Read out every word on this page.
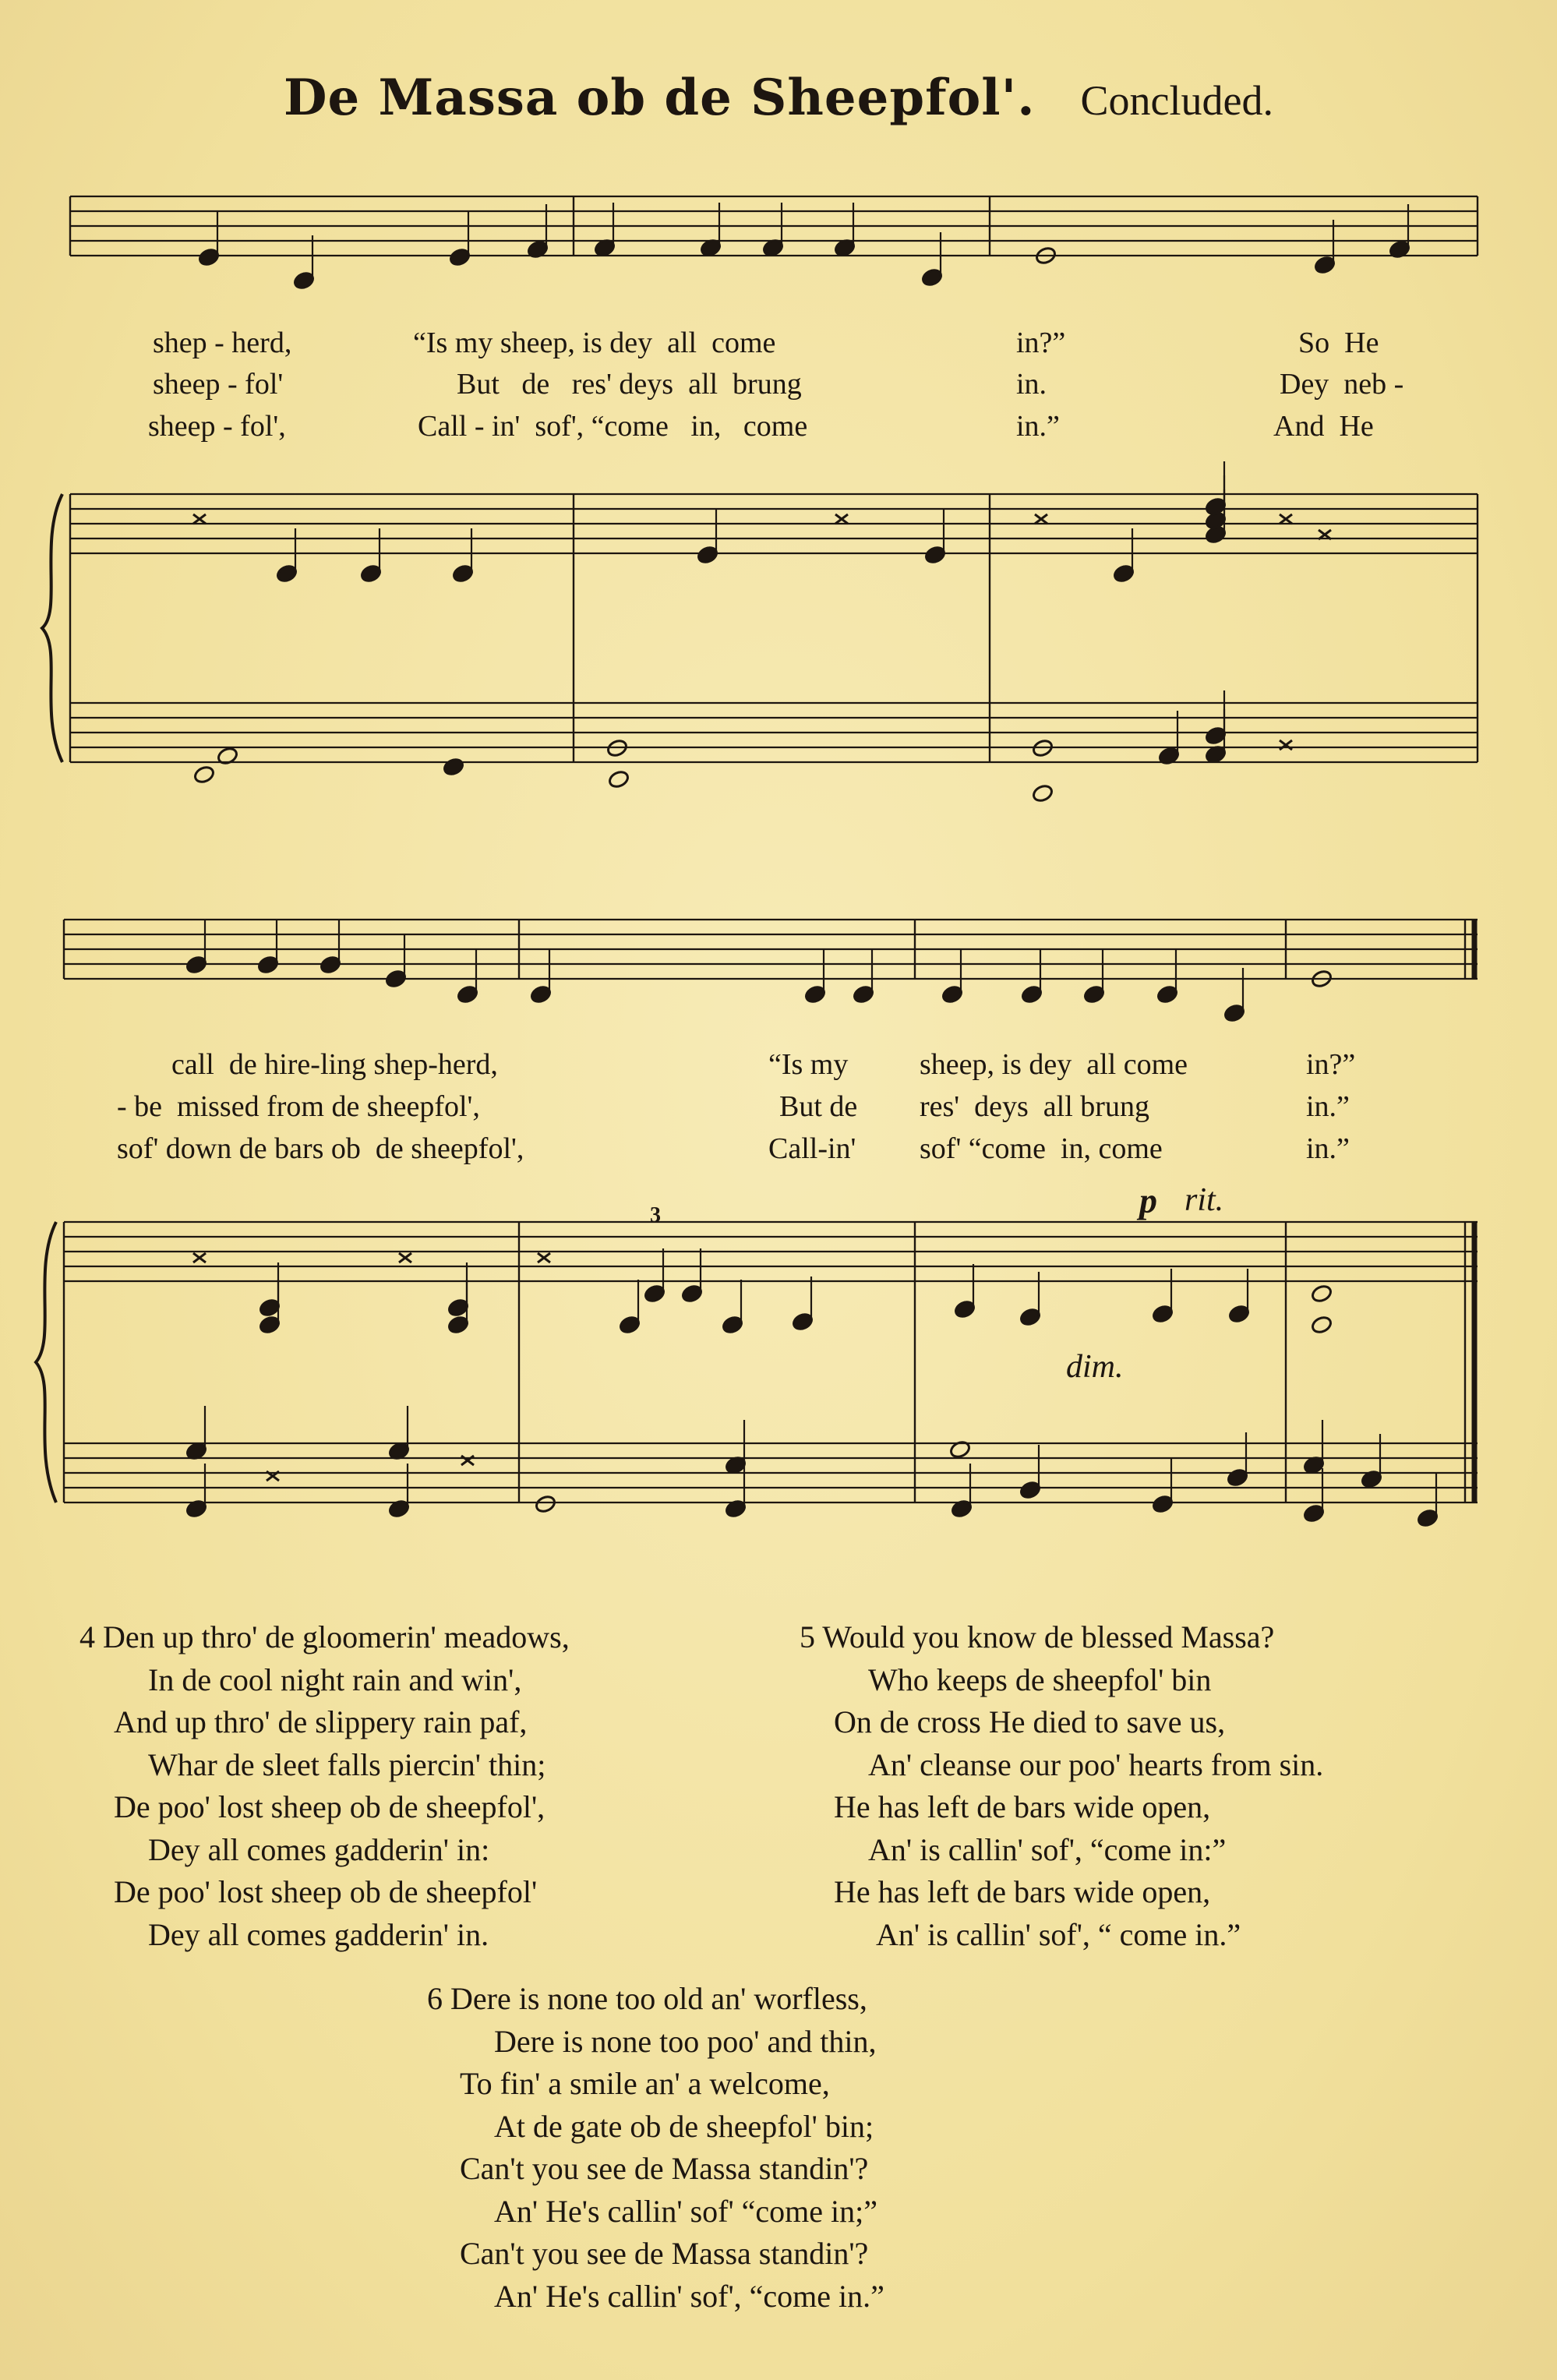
De Massa ob de Sheepfol'. Concluded.
shep - herd,	“Is my sheep, is dey  all  come	in?”	So  He
sheep - fol'	But   de   res' deys  all  brung	in.	Dey  neb -
sheep - fol',	Call - in'  sof', “come   in,   come	in.”	And  He
call  de hire-ling shep-herd,	“Is my sheep, is dey  all come	in?”
- be  missed from de sheepfol',	But de res'  deys  all brung	in.”
sof' down de bars ob  de sheepfol',	Call-in' sof' “come  in, come	in.”
p rit.
dim.
3
4 Den up thro' de gloomerin' meadows,
In de cool night rain and win',
And up thro' de slippery rain paf,
Whar de sleet falls piercin' thin;
De poo' lost sheep ob de sheepfol',
Dey all comes gadderin' in:
De poo' lost sheep ob de sheepfol'
Dey all comes gadderin' in.
5 Would you know de blessed Massa?
Who keeps de sheepfol' bin
On de cross He died to save us,
An' cleanse our poo' hearts from sin.
He has left de bars wide open,
An' is callin' sof', “come in:”
He has left de bars wide open,
An' is callin' sof', “ come in.”
6 Dere is none too old an' worfless,
Dere is none too poo' and thin,
To fin' a smile an' a welcome,
At de gate ob de sheepfol' bin;
Can't you see de Massa standin'?
An' He's callin' sof' “come in;”
Can't you see de Massa standin'?
An' He's callin' sof', “come in.”
